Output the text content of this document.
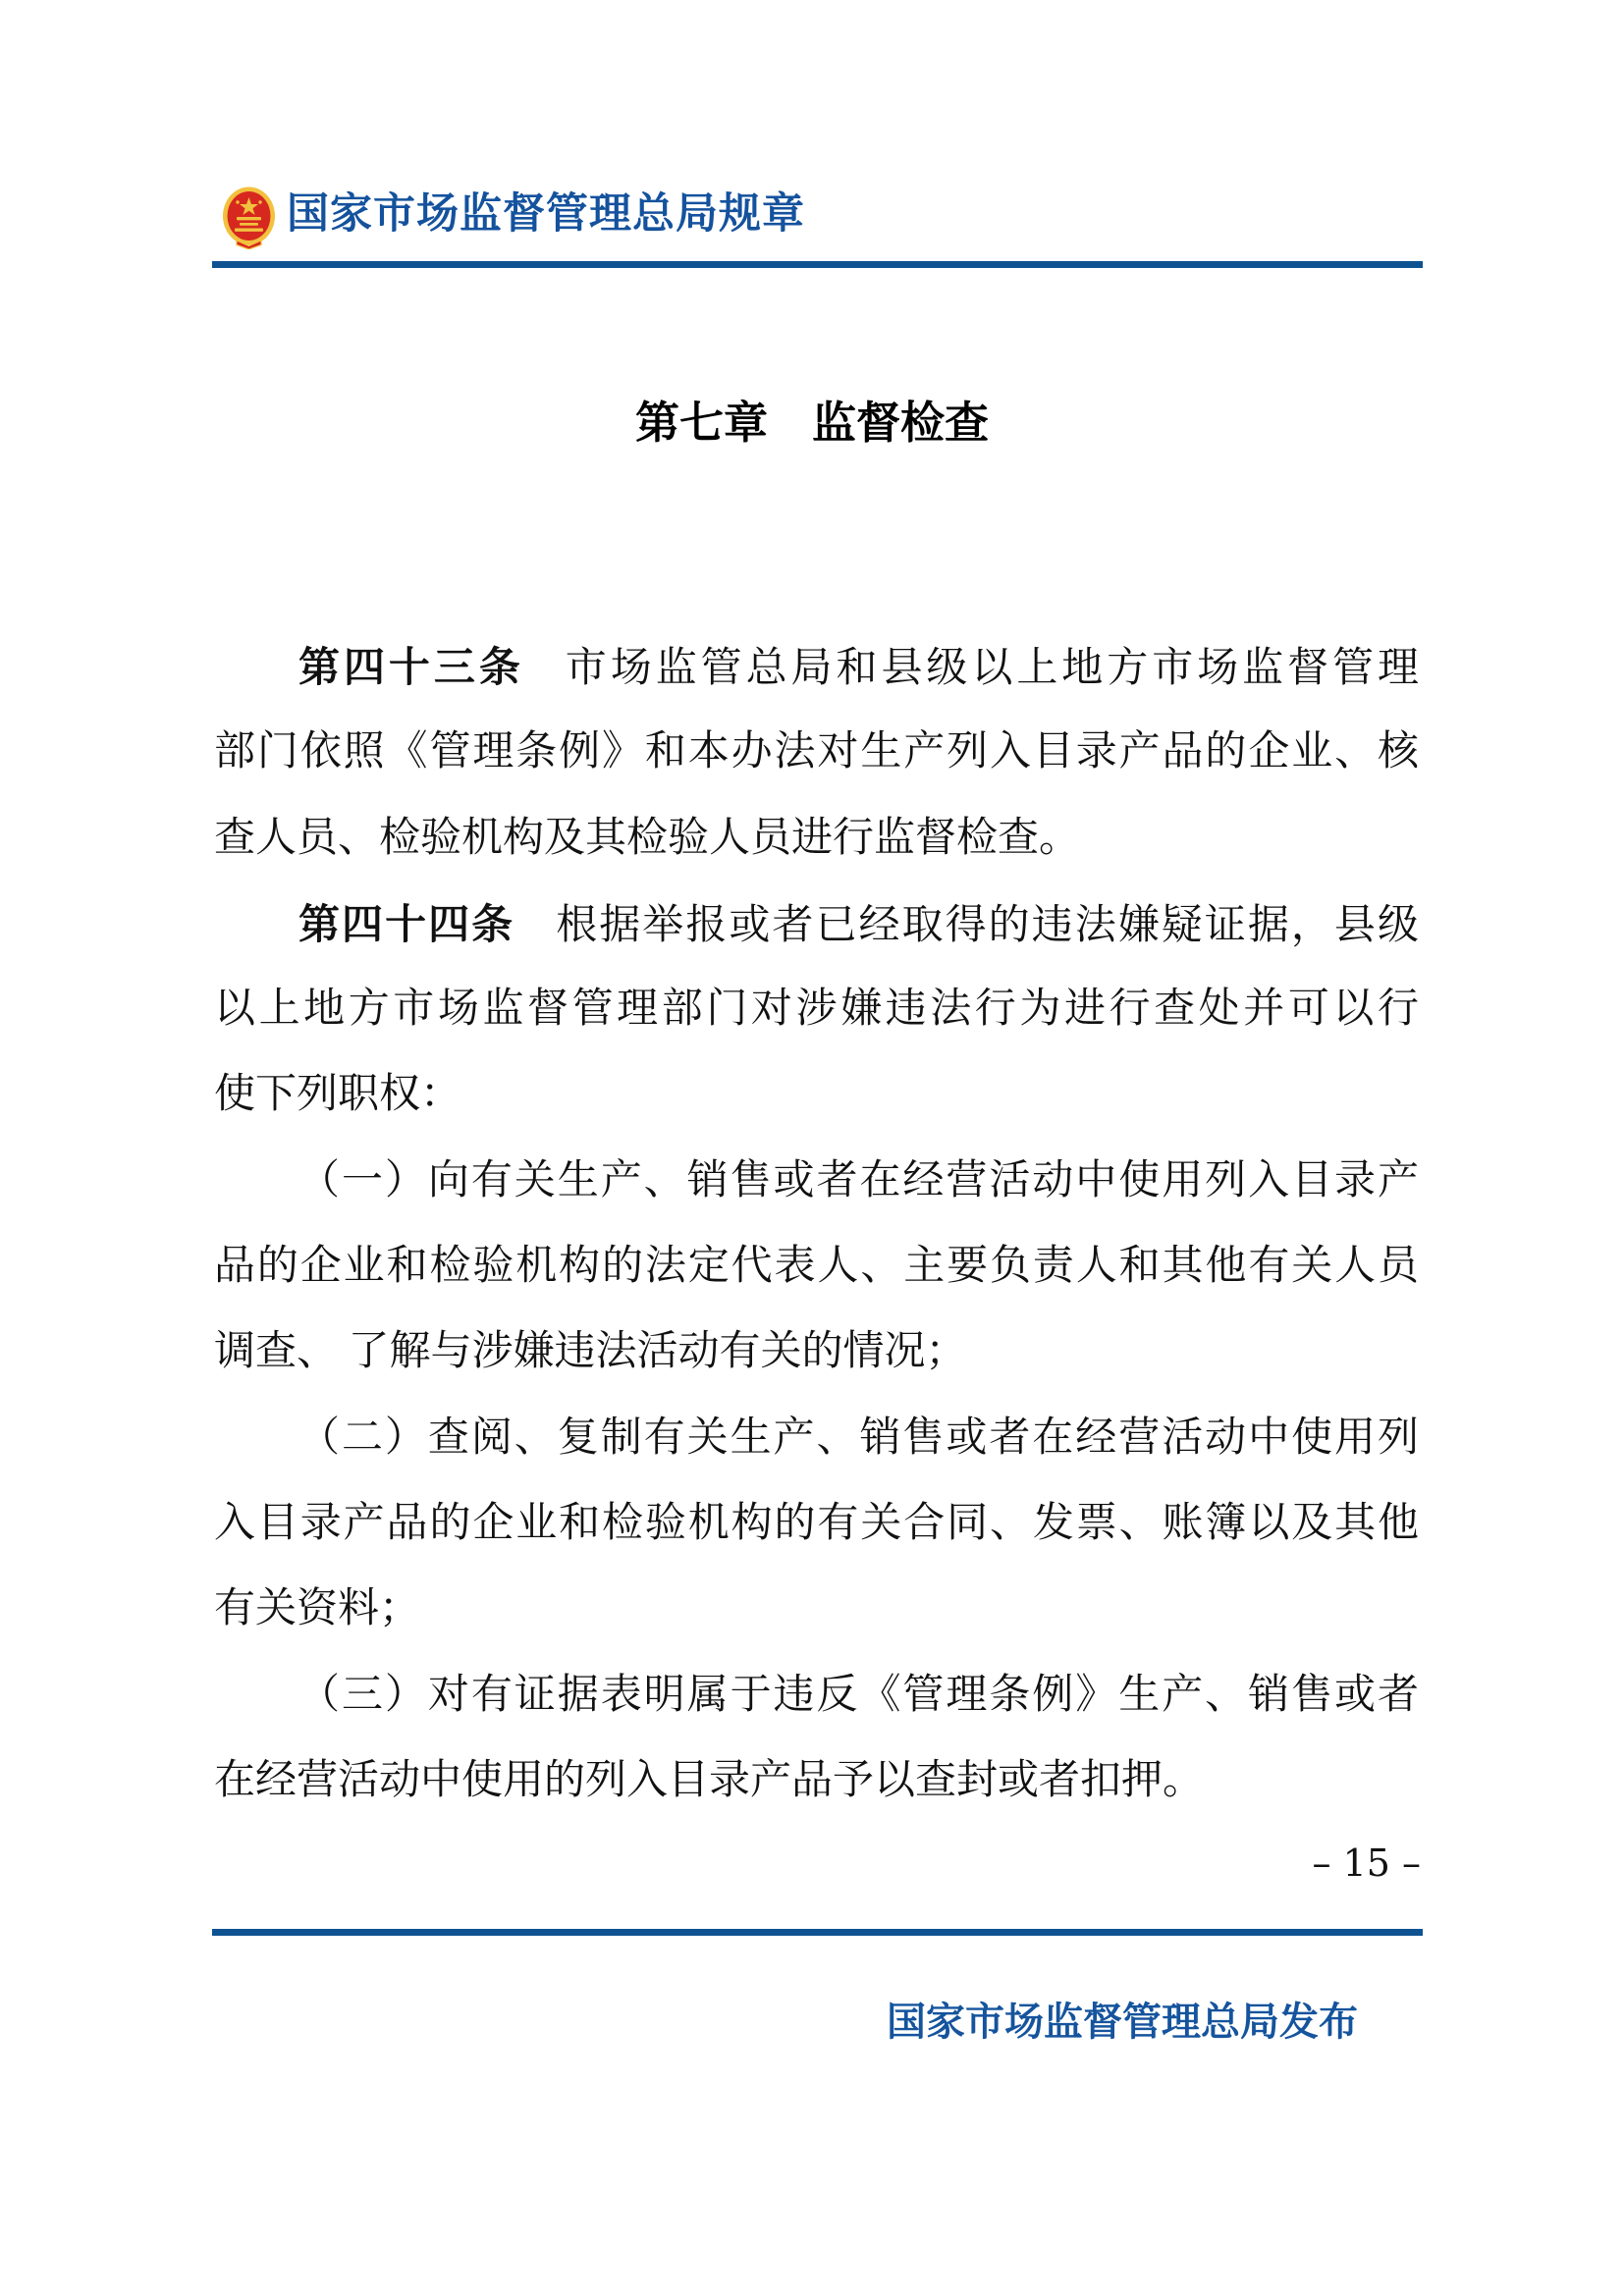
国家市场监督管理总局规章
第七章　监督检查
第四十三条 市场监管总局和县级以上地方市场监督管理
部门依照《管理条例》和本办法对生产列入目录产品的企业、核
查人员、检验机构及其检验人员进行监督检查。
第四十四条 根据举报或者已经取得的违法嫌疑证据，县级
以上地方市场监督管理部门对涉嫌违法行为进行查处并可以行
使下列职权：
（一）向有关生产、销售或者在经营活动中使用列入目录产
品的企业和检验机构的法定代表人、主要负责人和其他有关人员
调查、 了解与涉嫌违法活动有关的情况；
（二）查阅、复制有关生产、销售或者在经营活动中使用列
入目录产品的企业和检验机构的有关合同、发票、账簿以及其他
有关资料；
（三）对有证据表明属于违反《管理条例》生产、销售或者
在经营活动中使用的列入目录产品予以查封或者扣押。
– 15 –
国家市场监督管理总局发布
